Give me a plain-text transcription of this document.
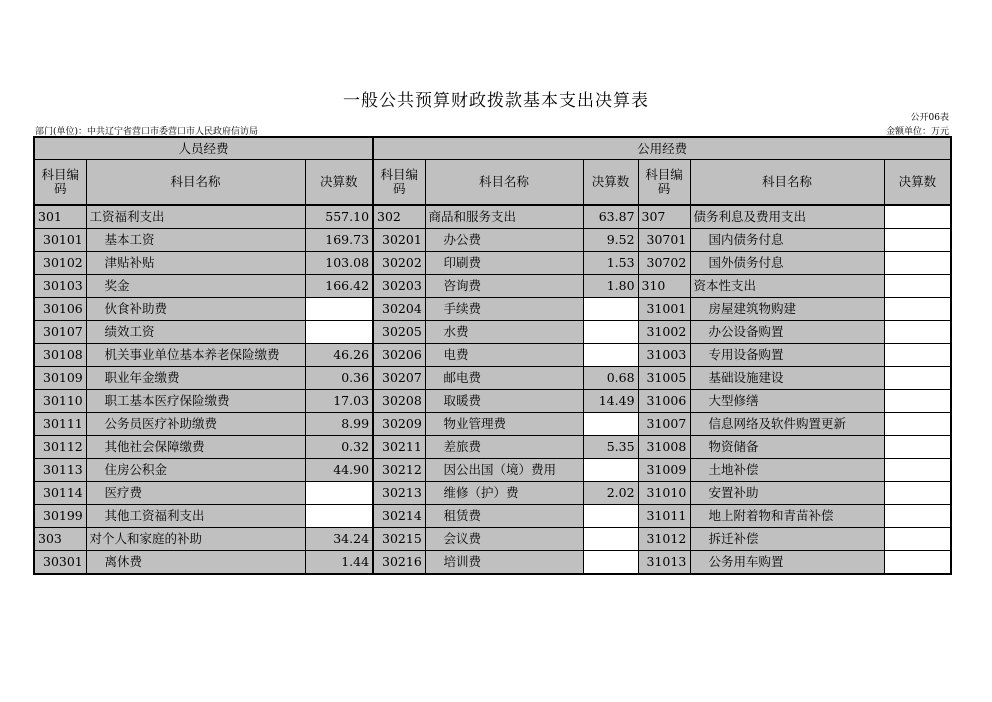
一般公共预算财政拨款基本支出决算表
公开06表
部门(单位)：中共辽宁省营口市委营口市人民政府信访局	金额单位：万元
人员经费			公用经费					
科目编码	科目名称	决算数	科目编码	科目名称	决算数	科目编码	科目名称	决算数
301	工资福利支出	557.10	302	商品和服务支出	63.87	307	债务利息及费用支出	
30101	基本工资	169.73	30201	办公费	9.52	30701	国内债务付息	
30102	津贴补贴	103.08	30202	印刷费	1.53	30702	国外债务付息	
30103	奖金	166.42	30203	咨询费	1.80	310	资本性支出	
30106	伙食补助费		30204	手续费		31001	房屋建筑物购建	
30107	绩效工资		30205	水费		31002	办公设备购置	
30108	机关事业单位基本养老保险缴费	46.26	30206	电费		31003	专用设备购置	
30109	职业年金缴费	0.36	30207	邮电费	0.68	31005	基础设施建设	
30110	职工基本医疗保险缴费	17.03	30208	取暖费	14.49	31006	大型修缮	
30111	公务员医疗补助缴费	8.99	30209	物业管理费		31007	信息网络及软件购置更新	
30112	其他社会保障缴费	0.32	30211	差旅费	5.35	31008	物资储备	
30113	住房公积金	44.90	30212	因公出国（境）费用		31009	土地补偿	
30114	医疗费		30213	维修（护）费	2.02	31010	安置补助	
30199	其他工资福利支出		30214	租赁费		31011	地上附着物和青苗补偿	
303	对个人和家庭的补助	34.24	30215	会议费		31012	拆迁补偿	
30301	离休费	1.44	30216	培训费		31013	公务用车购置	
